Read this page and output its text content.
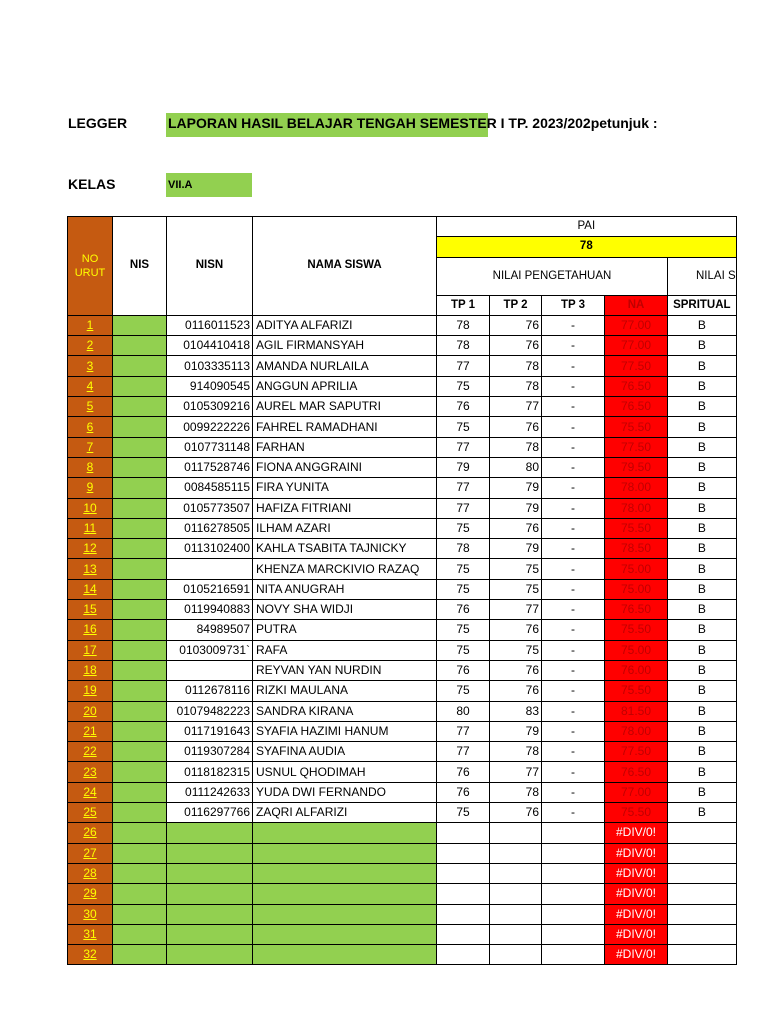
LEGGER	LAPORAN HASIL BELAJAR TENGAH SEMESTER I TP. 2023/202petunjuk :
KELAS	VII.A
NO URUT	NIS	NISN	NAMA SISWA	PAI				
				78				
				NILAI PENGETAHUAN				NILAI S
				TP 1	TP 2	TP 3	NA	SPRITUAL
1		0116011523	ADITYA ALFARIZI	78	76	-	77.00	B
2		0104410418	AGIL FIRMANSYAH	78	76	-	77.00	B
3		0103335113	AMANDA NURLAILA	77	78	-	77.50	B
4		914090545	ANGGUN APRILIA	75	78	-	76.50	B
5		0105309216	AUREL MAR SAPUTRI	76	77	-	76.50	B
6		0099222226	FAHREL RAMADHANI	75	76	-	75.50	B
7		0107731148	FARHAN	77	78	-	77.50	B
8		0117528746	FIONA ANGGRAINI	79	80	-	79.50	B
9		0084585115	FIRA YUNITA	77	79	-	78.00	B
10		0105773507	HAFIZA FITRIANI	77	79	-	78.00	B
11		0116278505	ILHAM AZARI	75	76	-	75.50	B
12		0113102400	KAHLA TSABITA TAJNICKY	78	79	-	78.50	B
13			KHENZA MARCKIVIO RAZAQ	75	75	-	75.00	B
14		0105216591	NITA ANUGRAH	75	75	-	75.00	B
15		0119940883	NOVY SHA WIDJI	76	77	-	76.50	B
16		84989507	PUTRA	75	76	-	75.50	B
17		0103009731`	RAFA	75	75	-	75.00	B
18			REYVAN YAN NURDIN	76	76	-	76.00	B
19		0112678116	RIZKI MAULANA	75	76	-	75.50	B
20		01079482223	SANDRA KIRANA	80	83	-	81.50	B
21		0117191643	SYAFIA HAZIMI HANUM	77	79	-	78.00	B
22		0119307284	SYAFINA AUDIA	77	78	-	77.50	B
23		0118182315	USNUL QHODIMAH	76	77	-	76.50	B
24		0111242633	YUDA DWI FERNANDO	76	78	-	77.00	B
25		0116297766	ZAQRI ALFARIZI	75	76	-	75.50	B
26							#DIV/0!	
27							#DIV/0!	
28							#DIV/0!	
29							#DIV/0!	
30							#DIV/0!	
31							#DIV/0!	
32							#DIV/0!	
